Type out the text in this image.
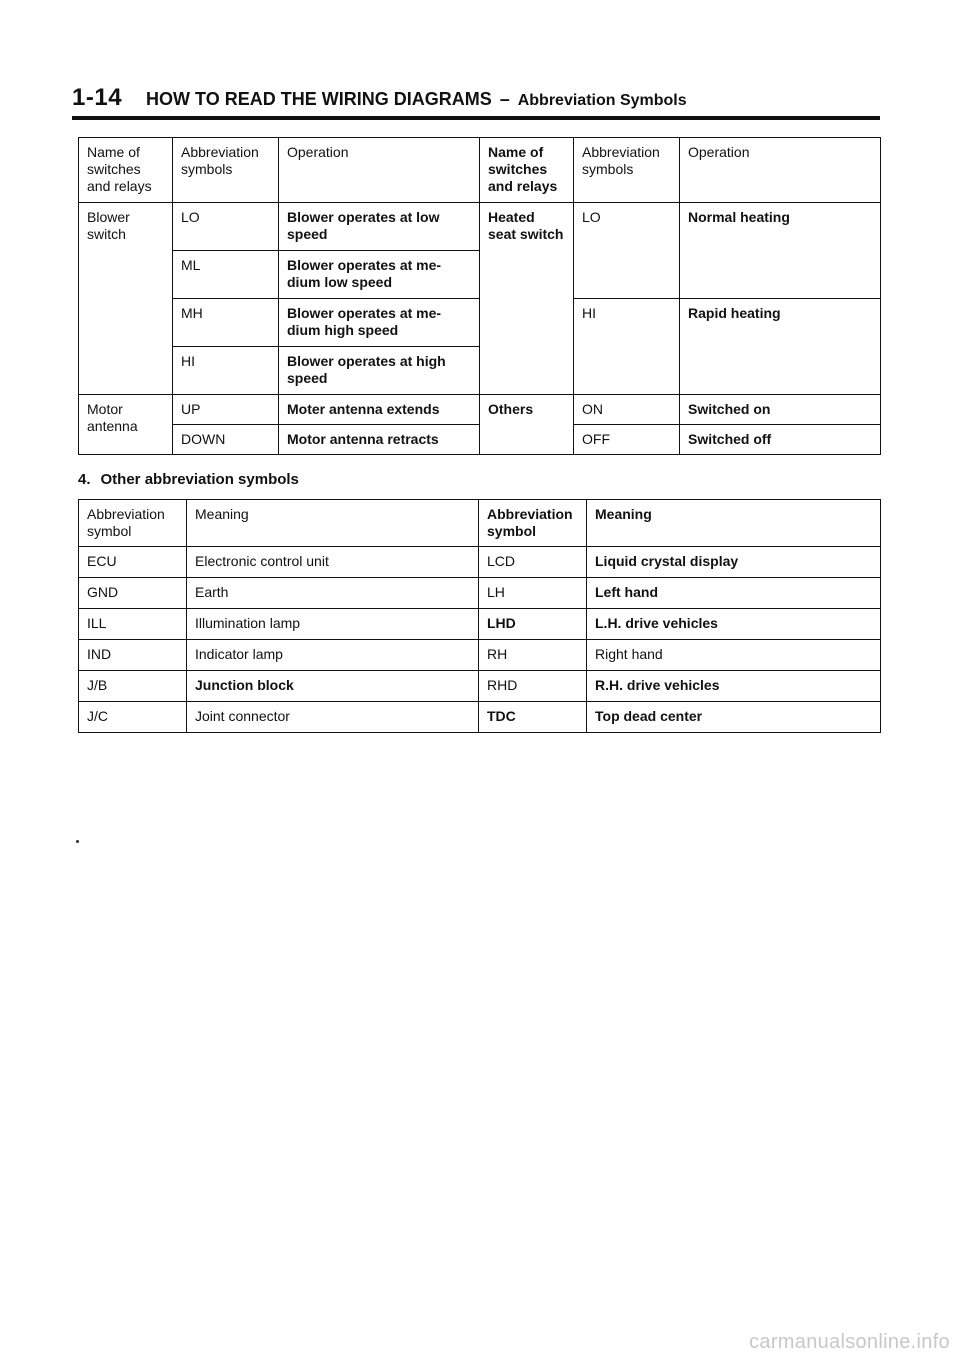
1-14 HOW TO READ THE WIRING DIAGRAMS – Abbreviation Symbols
Name of switches and relays	Abbreviation symbols	Operation	Name of switches and relays	Abbreviation symbols	Operation
Blower switch	LO	Blower operates at low speed	Heated seat switch	LO	Normal heating
	ML	Blower operates at me-dium low speed			
	MH	Blower operates at me-dium high speed		HI	Rapid heating
	HI	Blower operates at high speed			
Motor antenna	UP	Moter antenna extends	Others	ON	Switched on
	DOWN	Motor antenna retracts		OFF	Switched off
4. Other abbreviation symbols
Abbreviation symbol	Meaning	Abbreviation symbol	Meaning
ECU	Electronic control unit	LCD	Liquid crystal display
GND	Earth	LH	Left hand
ILL	Illumination lamp	LHD	L.H. drive vehicles
IND	Indicator lamp	RH	Right hand
J/B	Junction block	RHD	R.H. drive vehicles
J/C	Joint connector	TDC	Top dead center
carmanualsonline.info
